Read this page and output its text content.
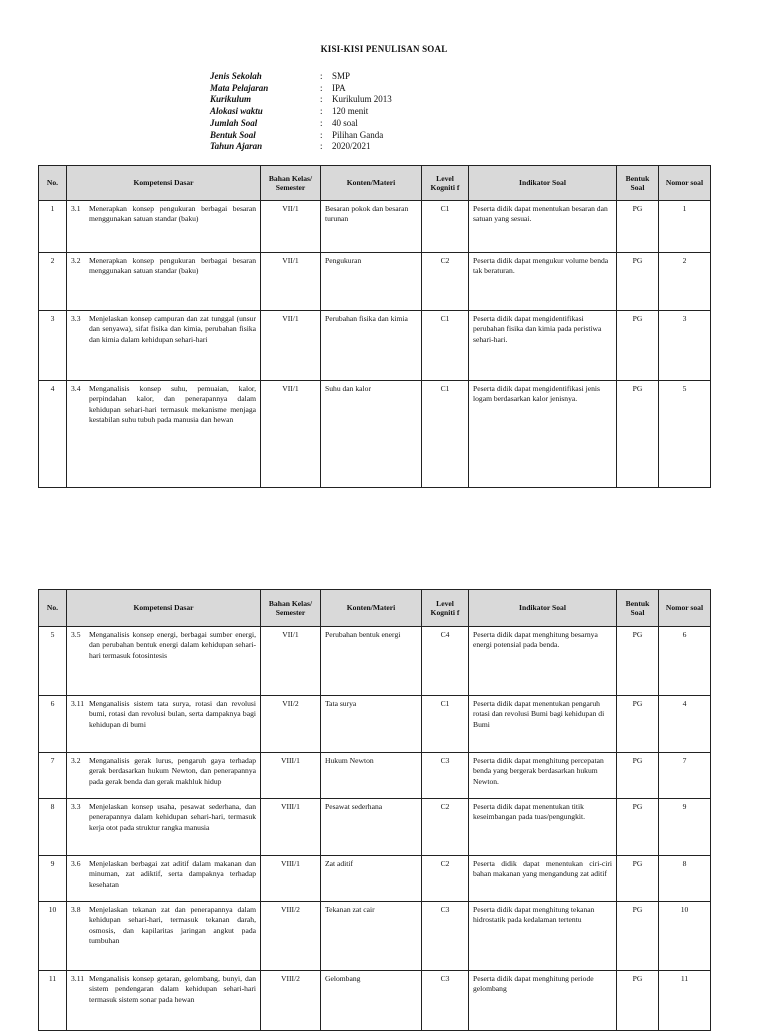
KISI-KISI PENULISAN SOAL
Jenis Sekolah	:	SMP
Mata Pelajaran	:	IPA
Kurikulum	:	Kurikulum 2013
Alokasi waktu	:	120 menit
Jumlah Soal	:	40 soal
Bentuk Soal	:	Pilihan Ganda
Tahun Ajaran	:	2020/2021
No.	Kompetensi Dasar	Bahan Kelas/ Semester	Konten/Materi	Level Kogniti f	Indikator Soal	Bentuk Soal	Nomor soal
1	3.1 Menerapkan konsep pengukuran berbagai besaran menggunakan satuan standar (baku)	VII/1	Besaran pokok dan besaran turunan	C1	Peserta didik dapat menentukan besaran dan satuan yang sesuai.	PG	1
2	3.2 Menerapkan konsep pengukuran berbagai besaran menggunakan satuan standar (baku)	VII/1	Pengukuran	C2	Peserta didik dapat mengukur volume benda tak beraturan.	PG	2
3	3.3 Menjelaskan konsep campuran dan zat tunggal (unsur dan senyawa), sifat fisika dan kimia, perubahan fisika dan kimia dalam kehidupan sehari-hari	VII/1	Perubahan fisika dan kimia	C1	Peserta didik dapat mengidentifikasi perubahan fisika dan kimia pada peristiwa sehari-hari.	PG	3
4	3.4 Menganalisis konsep suhu, pemuaian, kalor, perpindahan kalor, dan penerapannya dalam kehidupan sehari-hari termasuk mekanisme menjaga kestabilan suhu tubuh pada manusia dan hewan	VII/1	Suhu dan kalor	C1	Peserta didik dapat mengidentifikasi jenis logam berdasarkan kalor jenisnya.	PG	5
No.	Kompetensi Dasar	Bahan Kelas/ Semester	Konten/Materi	Level Kogniti f	Indikator Soal	Bentuk Soal	Nomor soal
5	3.5 Menganalisis konsep energi, berbagai sumber energi, dan perubahan bentuk energi dalam kehidupan sehari-hari termasuk fotosintesis	VII/1	Perubahan bentuk energi	C4	Peserta didik dapat menghitung besarnya energi potensial pada benda.	PG	6
6	3.11 Menganalisis sistem tata surya, rotasi dan revolusi bumi, rotasi dan revolusi bulan, serta dampaknya bagi kehidupan di bumi	VII/2	Tata surya	C1	Peserta didik dapat menentukan pengaruh rotasi dan revolusi Bumi bagi kehidupan di Bumi	PG	4
7	3.2 Menganalisis gerak lurus, pengaruh gaya terhadap gerak berdasarkan hukum Newton, dan penerapannya pada gerak benda dan gerak makhluk hidup	VIII/1	Hukum Newton	C3	Peserta didik dapat menghitung percepatan benda yang bergerak berdasarkan hukum Newton.	PG	7
8	3.3 Menjelaskan konsep usaha, pesawat sederhana, dan penerapannya dalam kehidupan sehari-hari, termasuk kerja otot pada struktur rangka manusia	VIII/1	Pesawat sederhana	C2	Peserta didik dapat menentukan titik keseimbangan pada tuas/pengungkit.	PG	9
9	3.6 Menjelaskan berbagai zat aditif dalam makanan dan minuman, zat adiktif, serta dampaknya terhadap kesehatan	VIII/1	Zat aditif	C2	Peserta didik dapat menentukan ciri-ciri bahan makanan yang mengandung zat aditif	PG	8
10	3.8 Menjelaskan tekanan zat dan penerapannya dalam kehidupan sehari-hari, termasuk tekanan darah, osmosis, dan kapilaritas jaringan angkut pada tumbuhan	VIII/2	Tekanan zat cair	C3	Peserta didik dapat menghitung tekanan hidrostatik pada kedalaman tertentu	PG	10
11	3.11 Menganalisis konsep getaran, gelombang, bunyi, dan sistem pendengaran dalam kehidupan sehari-hari termasuk sistem sonar pada hewan	VIII/2	Gelombang	C3	Peserta didik dapat menghitung periode gelombang	PG	11
